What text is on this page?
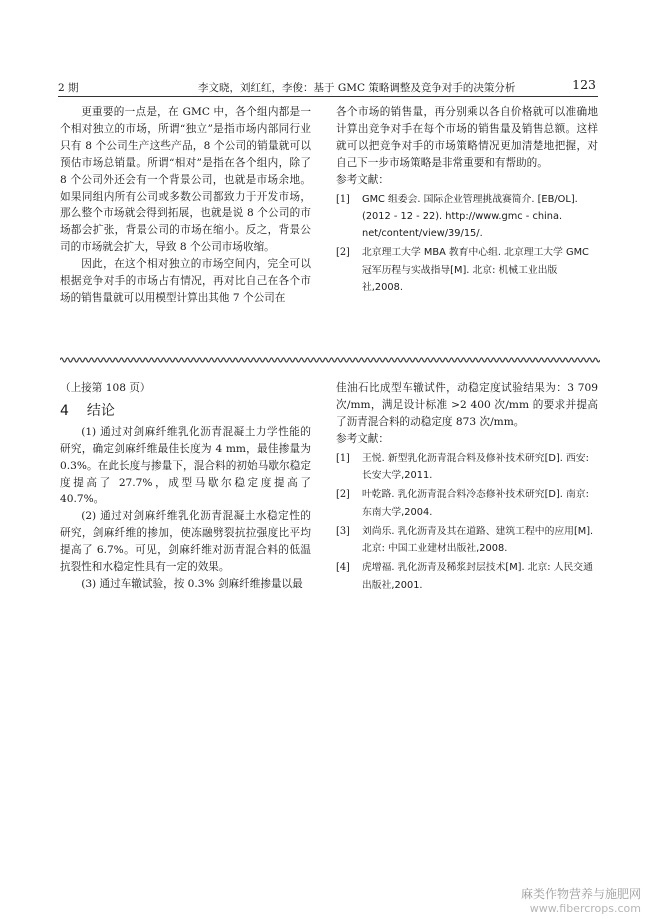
2 期	李文晓，刘红红，李俊：基于 GMC 策略调整及竞争对手的决策分析	123

更重要的一点是，在 GMC 中，各个组内都是一个相对独立的市场，所谓“独立”是指市场内部同行业只有 8 个公司生产这些产品，8 个公司的销量就可以预估市场总销量。所谓“相对”是指在各个组内，除了 8 个公司外还会有一个背景公司，也就是市场余地。如果同组内所有公司或多数公司都致力于开发市场，那么整个市场就会得到拓展，也就是说 8 个公司的市场都会扩张，背景公司的市场在缩小。反之，背景公司的市场就会扩大，导致 8 个公司市场收缩。

因此，在这个相对独立的市场空间内，完全可以根据竞争对手的市场占有情况，再对比自己在各个市场的销售量就可以用模型计算出其他 7 个公司在

各个市场的销售量，再分别乘以各自价格就可以准确地计算出竞争对手在每个市场的销售量及销售总额。这样就可以把竞争对手的市场策略情况更加清楚地把握，对自己下一步市场策略是非常重要和有帮助的。

参考文献：

[1]	GMC 组委会. 国际企业管理挑战赛简介. [EB/OL]. (2012 - 12 - 22). http://www.gmc - china. net/content/view/39/15/.
[2]	北京理工大学 MBA 教育中心组. 北京理工大学 GMC 冠军历程与实战指导[M]. 北京: 机械工业出版社,2008.

（上接第 108 页）

4 结论

(1) 通过对剑麻纤维乳化沥青混凝土力学性能的研究，确定剑麻纤维最佳长度为 4 mm，最佳掺量为 0.3%。在此长度与掺量下，混合料的初始马歇尔稳定度提高了 27.7%，成型马歇尔稳定度提高了 40.7%。

(2) 通过对剑麻纤维乳化沥青混凝土水稳定性的研究，剑麻纤维的掺加，使冻融劈裂抗拉强度比平均提高了 6.7%。可见，剑麻纤维对沥青混合料的低温抗裂性和水稳定性具有一定的效果。

(3) 通过车辙试验，按 0.3% 剑麻纤维掺量以最

佳油石比成型车辙试件，动稳定度试验结果为：3 709 次/mm，满足设计标准 >2 400 次/mm 的要求并提高了沥青混合料的动稳定度 873 次/mm。

参考文献：

[1]	王悦. 新型乳化沥青混合料及修补技术研究[D]. 西安: 长安大学,2011.
[2]	叶乾路. 乳化沥青混合料冷态修补技术研究[D]. 南京: 东南大学,2004.
[3]	刘尚乐. 乳化沥青及其在道路、建筑工程中的应用[M]. 北京: 中国工业建材出版社,2008.
[4]	虎增福. 乳化沥青及稀浆封层技术[M]. 北京: 人民交通出版社,2001.
麻类作物营养与施肥网
www.fibercrops.com
